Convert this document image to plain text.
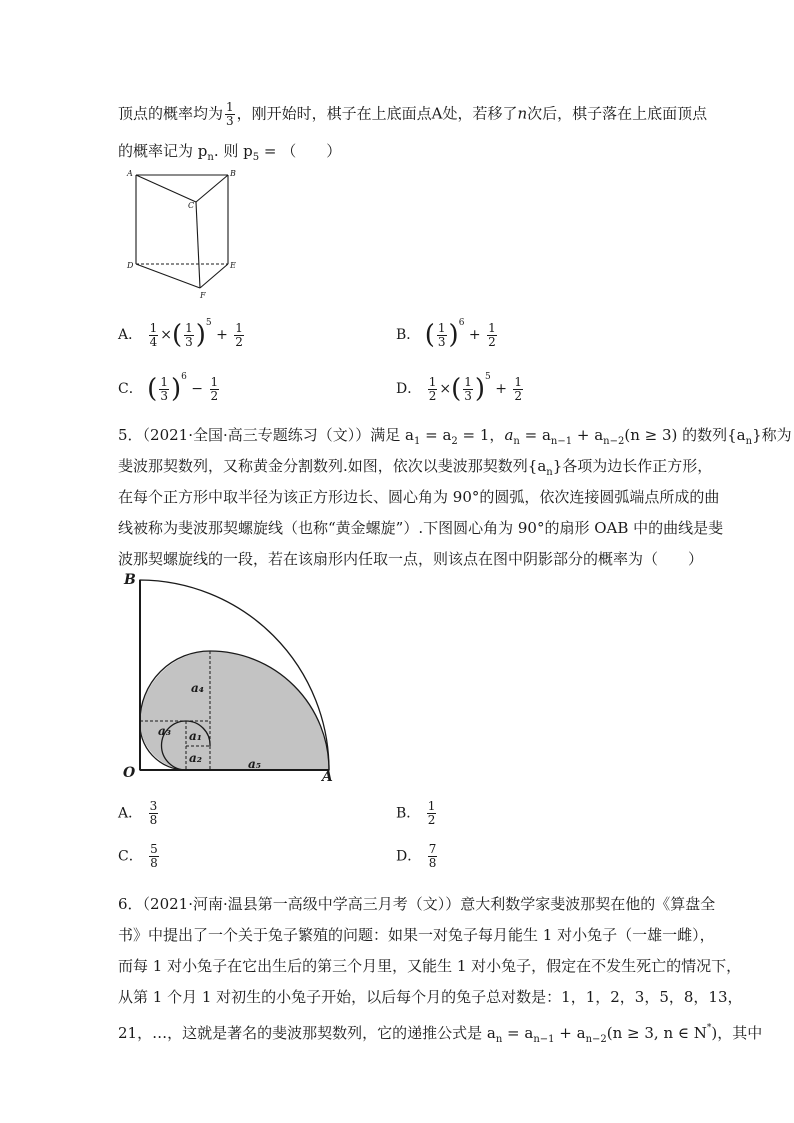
顶点的概率均为 $\frac{1}{3}$ ，刚开始时，棋子在上底面点A处，若移了n次后，棋子落在上底面顶点
的概率记为 $p_n$. 则 $p_5$ = （　　）
A	B
C
D	E
F
A． $\frac{1}{4}$ ×( $\frac{1}{3} )^5 + \frac{1}{2}$	B． ( $\frac{1}{3} )^6 + \frac{1}{2}$
C． ( $\frac{1}{3} )^6 - \frac{1}{2}$	D． $\frac{1}{2}$ ×( $\frac{1}{3} )^5 + \frac{1}{2}$
5．（2021·全国·高三专题练习（文））满足 $a_1 = a_2 = 1$，$a_n = a_{n-1} + a_{n-2}(n \ge 3)$ 的数列$\{a_n\}$称为
斐波那契数列，又称黄金分割数列.如图，依次以斐波那契数列$\{a_n\}$各项为边长作正方形，
在每个正方形中取半径为该正方形边长、圆心角为 90°的圆弧，依次连接圆弧端点所成的曲
线被称为斐波那契螺旋线（也称“黄金螺旋”）.下图圆心角为 90°的扇形 OAB 中的曲线是斐
波那契螺旋线的一段，若在该扇形内任取一点，则该点在图中阴影部分的概率为（　　）
B
O	A
a₄
a₃ a₁
a₂	a₅
A． $\frac{3}{8}$	B． $\frac{1}{2}$
C． $\frac{5}{8}$	D． $\frac{7}{8}$
6．（2021·河南·温县第一高级中学高三月考（文））意大利数学家斐波那契在他的《算盘全
书》中提出了一个关于兔子繁殖的问题：如果一对兔子每月能生 1 对小兔子（一雄一雌），
而每 1 对小兔子在它出生后的第三个月里，又能生 1 对小兔子，假定在不发生死亡的情况下，
从第 1 个月 1 对初生的小兔子开始，以后每个月的兔子总对数是：1，1，2，3，5，8，13，
21，…，这就是著名的斐波那契数列，它的递推公式是 $a_n = a_{n-1} + a_{n-2}(n \ge 3$, n ∈ N*)，其中
